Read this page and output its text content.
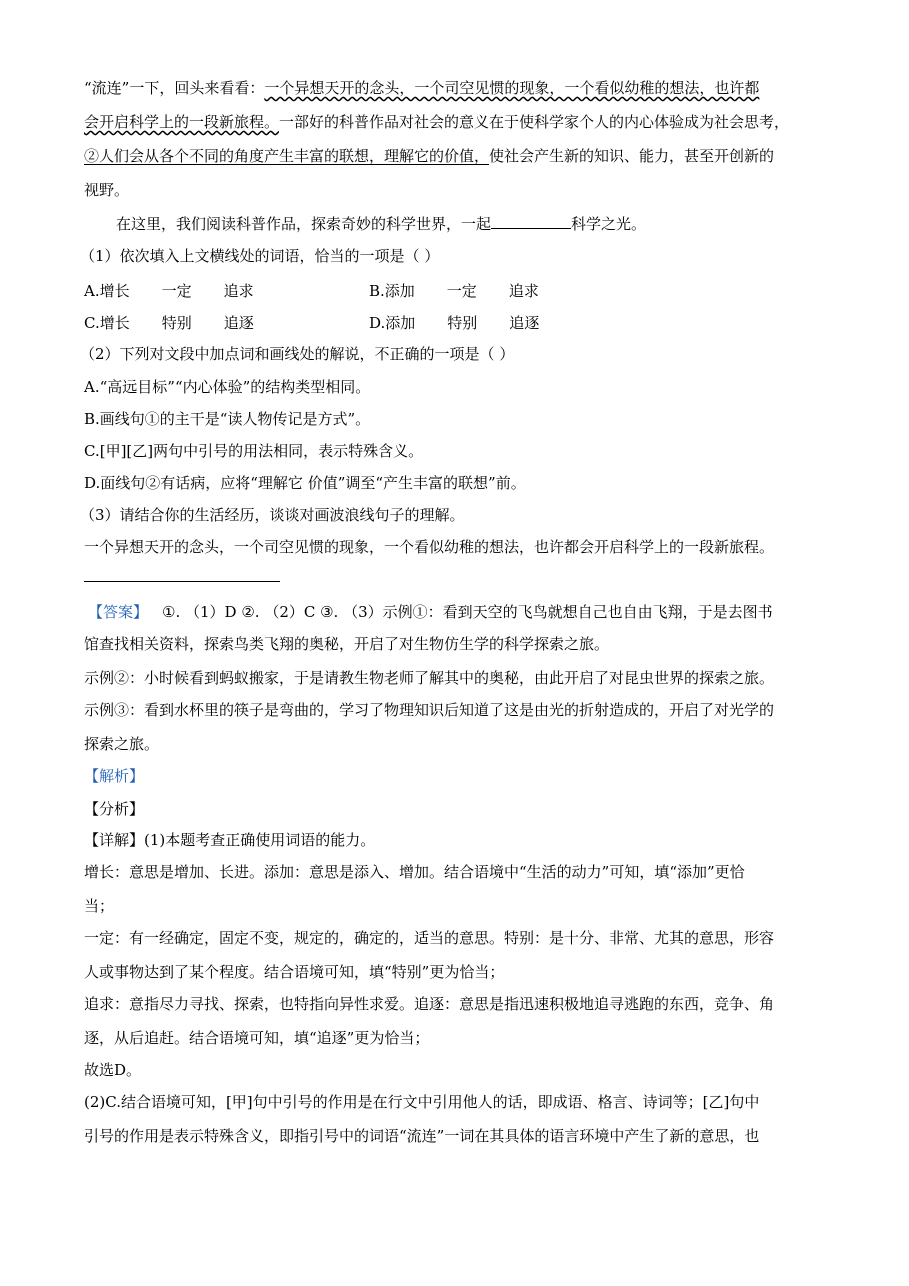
“流连”一下，回头来看看：一个异想天开的念头，一个司空见惯的现象，一个看似幼稚的想法，也许都
会开启科学上的一段新旅程。一部好的科普作品对社会的意义在于使科学家个人的内心体验成为社会思考，
②人们会从各个不同的角度产生丰富的联想，理解它的价值，使社会产生新的知识、能力，甚至开创新的
视野。
在这里，我们阅读科普作品，探索奇妙的科学世界，一起	科学之光。
（1）依次填入上文横线处的词语，恰当的一项是（ ）
A.增长 一定 追求	B.添加 一定 追求
C.增长 特别 追逐	D.添加 特别 追逐
（2）下列对文段中加点词和画线处的解说，不正确的一项是（ ）
A.“高远目标”“内心体验”的结构类型相同。
B.画线句①的主干是“读人物传记是方式”。
C.[甲][乙]两句中引号的用法相同，表示特殊含义。
D.面线句②有话病，应将“理解它 价值”调至“产生丰富的联想”前。
（3）请结合你的生活经历，谈谈对画波浪线句子的理解。
一个异想天开的念头，一个司空见惯的现象，一个看似幼稚的想法，也许都会开启科学上的一段新旅程。
【答案】 ①. （1）D ②. （2）C ③. （3）示例①：看到天空的飞鸟就想自己也自由飞翔，于是去图书
馆查找相关资料，探索鸟类飞翔的奥秘，开启了对生物仿生学的科学探索之旅。
示例②：小时候看到蚂蚁搬家，于是请教生物老师了解其中的奥秘，由此开启了对昆虫世界的探索之旅。
示例③：看到水杯里的筷子是弯曲的，学习了物理知识后知道了这是由光的折射造成的，开启了对光学的
探索之旅。
【解析】
【分析】
【详解】(1)本题考查正确使用词语的能力。
增长：意思是增加、长进。添加：意思是添入、增加。结合语境中“生活的动力”可知，填“添加”更恰
当；
一定：有一经确定，固定不变，规定的，确定的，适当的意思。特别：是十分、非常、尤其的意思，形容
人或事物达到了某个程度。结合语境可知，填“特别”更为恰当；
追求：意指尽力寻找、探索，也特指向异性求爱。追逐：意思是指迅速积极地追寻逃跑的东西，竞争、角
逐，从后追赶。结合语境可知，填“追逐”更为恰当；
故选D。
(2)C.结合语境可知，[甲]句中引号的作用是在行文中引用他人的话，即成语、格言、诗词等；[乙]句中
引号的作用是表示特殊含义，即指引号中的词语“流连”一词在其具体的语言环境中产生了新的意思，也
